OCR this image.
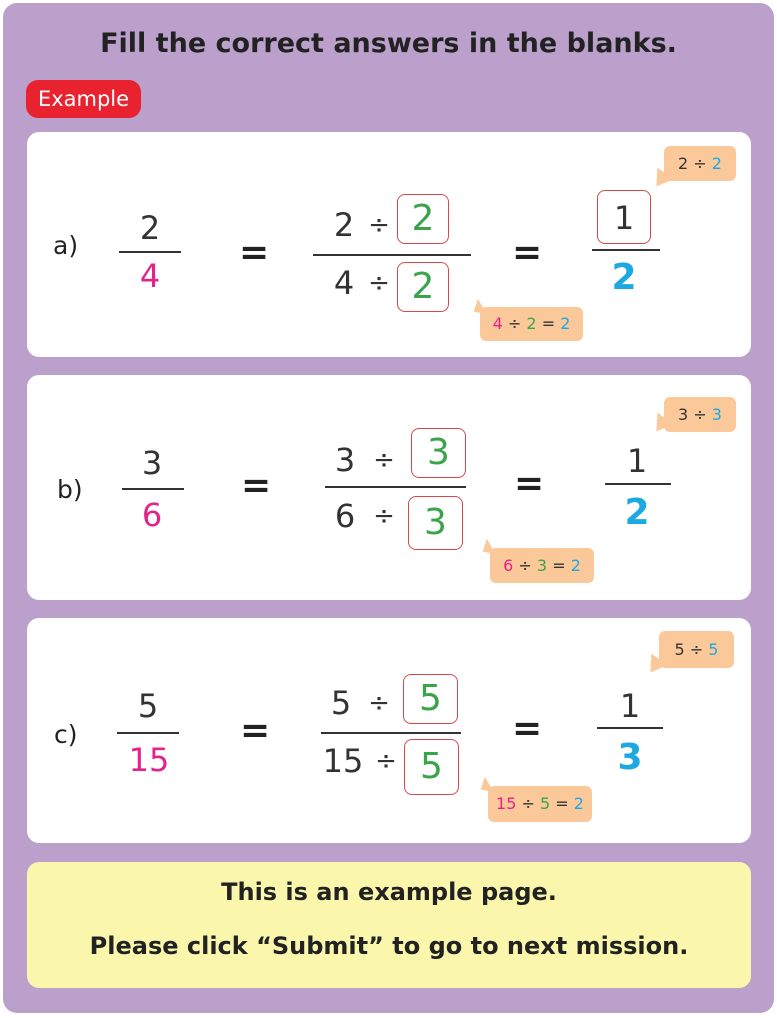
Fill the correct answers in the blanks.
Example
a)	2
4
=
2 ÷ 2
4 ÷ 2
4 ÷ 2 = 2
=
1
2
2 ÷ 2
b)
3
6
=
3 ÷ 3
6 ÷ 3
6 ÷ 3 = 2
=
1
2
3 ÷ 3
c)
5
15
=
5 ÷ 5
15 ÷ 5
15 ÷ 5 = 2
=
1
3
5 ÷ 5
This is an example page.
Please click “Submit” to go to next mission.
